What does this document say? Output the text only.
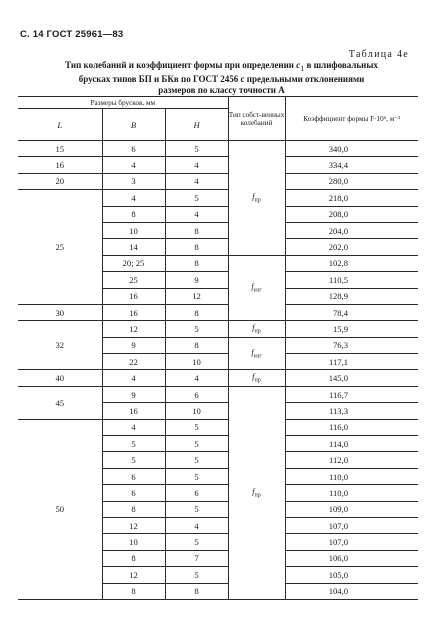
С. 14 ГОСТ 25961—83
Таблица 4е
Тип колебаний и коэффициент формы при определении $c_1$ в шлифовальных
брусках типов БП и БКв по ГОСТ 2456 с предельными отклонениями
размеров по классу точности А
Размеры брусков, мм			Тип собст-венных колебаний	Коэффициент формы F·10⁶, м⁻²
L	B	H		
15	6	5	$f_{пр}$	340,0
16	4	4		334,4
20	3	4		280,0
25	4	5		218,0
	8	4		208,0
	10	8		204,0
	14	8		202,0
	20; 25	8	$f_{изг}$	102,8
	25	9		110,5
	16	12		128,9
30	16	8		78,4
32	12	5	$f_{пр}$	15,9
	9	8	$f_{изг}$	76,3
	22	10		117,1
40	4	4	$f_{пр}$	145,0
45	9	6	$f_{пр}$	116,7
	16	10		113,3
50	4	5		116,0
	5	5		114,0
	5	5		112,0
	6	5		110,0
	6	6		110,0
	8	5		109,0
	12	4		107,0
	10	5		107,0
	8	7		106,0
	12	5		105,0
	8	8		104,0
